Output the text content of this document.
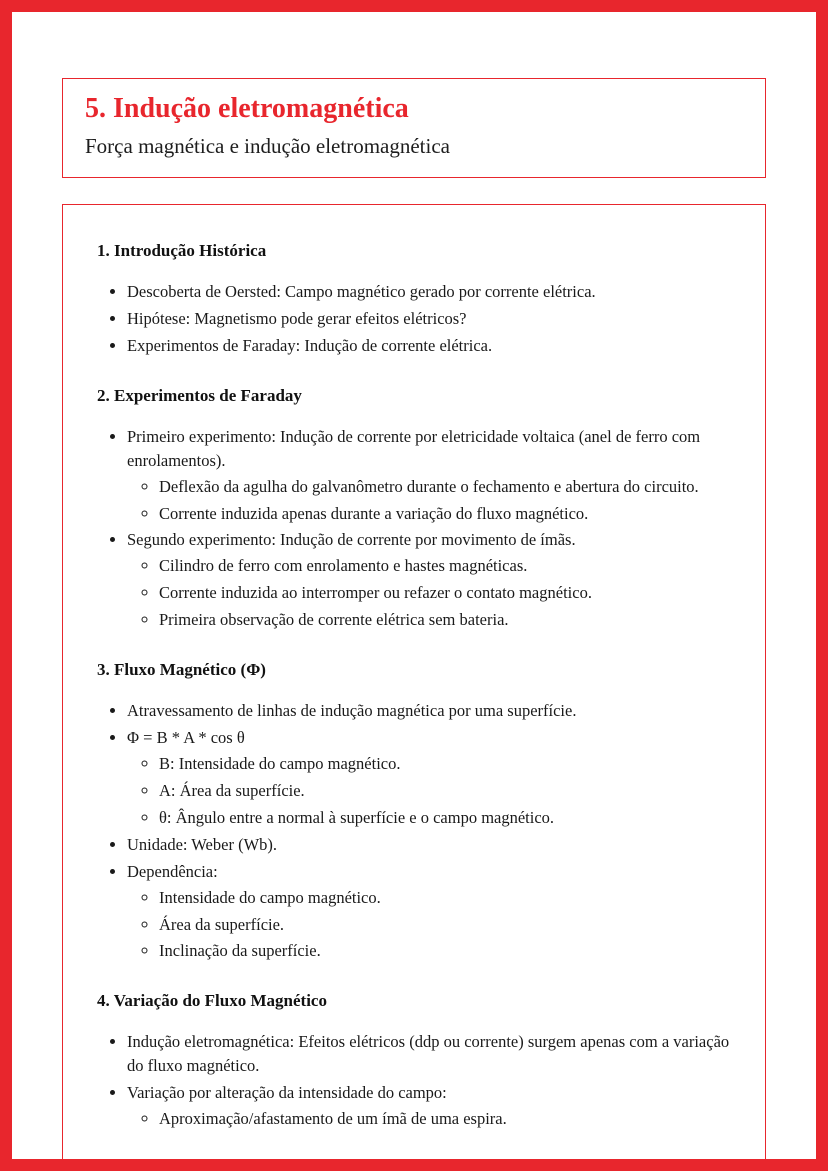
5. Indução eletromagnética
Força magnética e indução eletromagnética
1. Introdução Histórica
• Descoberta de Oersted: Campo magnético gerado por corrente elétrica.
• Hipótese: Magnetismo pode gerar efeitos elétricos?
• Experimentos de Faraday: Indução de corrente elétrica.
2. Experimentos de Faraday
• Primeiro experimento: Indução de corrente por eletricidade voltaica (anel de ferro com enrolamentos).
◦ Deflexão da agulha do galvanômetro durante o fechamento e abertura do circuito.
◦ Corrente induzida apenas durante a variação do fluxo magnético.
• Segundo experimento: Indução de corrente por movimento de ímãs.
◦ Cilindro de ferro com enrolamento e hastes magnéticas.
◦ Corrente induzida ao interromper ou refazer o contato magnético.
◦ Primeira observação de corrente elétrica sem bateria.
3. Fluxo Magnético (Φ)
• Atravessamento de linhas de indução magnética por uma superfície.
• Φ = B * A * cos θ
◦ B: Intensidade do campo magnético.
◦ A: Área da superfície.
◦ θ: Ângulo entre a normal à superfície e o campo magnético.
• Unidade: Weber (Wb).
• Dependência:
◦ Intensidade do campo magnético.
◦ Área da superfície.
◦ Inclinação da superfície.
4. Variação do Fluxo Magnético
• Indução eletromagnética: Efeitos elétricos (ddp ou corrente) surgem apenas com a variação do fluxo magnético.
• Variação por alteração da intensidade do campo:
◦ Aproximação/afastamento de um ímã de uma espira.
